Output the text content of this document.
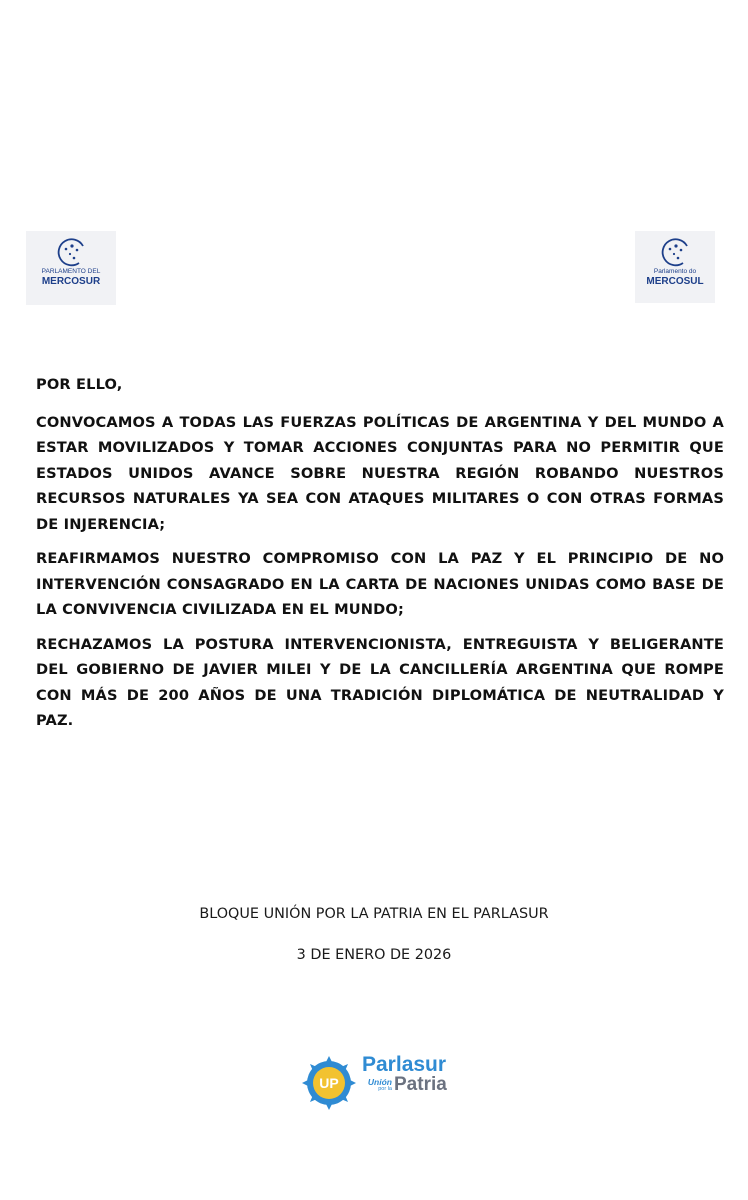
PARLAMENTO DEL
MERCOSUR
Parlamento do
MERCOSUL

POR ELLO,

CONVOCAMOS A TODAS LAS FUERZAS POLÍTICAS DE ARGENTINA Y DEL MUNDO A ESTAR MOVILIZADOS Y TOMAR ACCIONES CONJUNTAS PARA NO PERMITIR QUE ESTADOS UNIDOS AVANCE SOBRE NUESTRA REGIÓN ROBANDO NUESTROS RECURSOS NATURALES YA SEA CON ATAQUES MILITARES O CON OTRAS FORMAS DE INJERENCIA;

REAFIRMAMOS NUESTRO COMPROMISO CON LA PAZ Y EL PRINCIPIO DE NO INTERVENCIÓN CONSAGRADO EN LA CARTA DE NACIONES UNIDAS COMO BASE DE LA CONVIVENCIA CIVILIZADA EN EL MUNDO;

RECHAZAMOS LA POSTURA INTERVENCIONISTA, ENTREGUISTA Y BELIGERANTE DEL GOBIERNO DE JAVIER MILEI Y DE LA CANCILLERÍA ARGENTINA QUE ROMPE CON MÁS DE 200 AÑOS DE UNA TRADICIÓN DIPLOMÁTICA DE NEUTRALIDAD Y PAZ.

BLOQUE UNIÓN POR LA PATRIA EN EL PARLASUR
3 DE ENERO DE 2026
UP
Parlasur
Unión
por la Patria
